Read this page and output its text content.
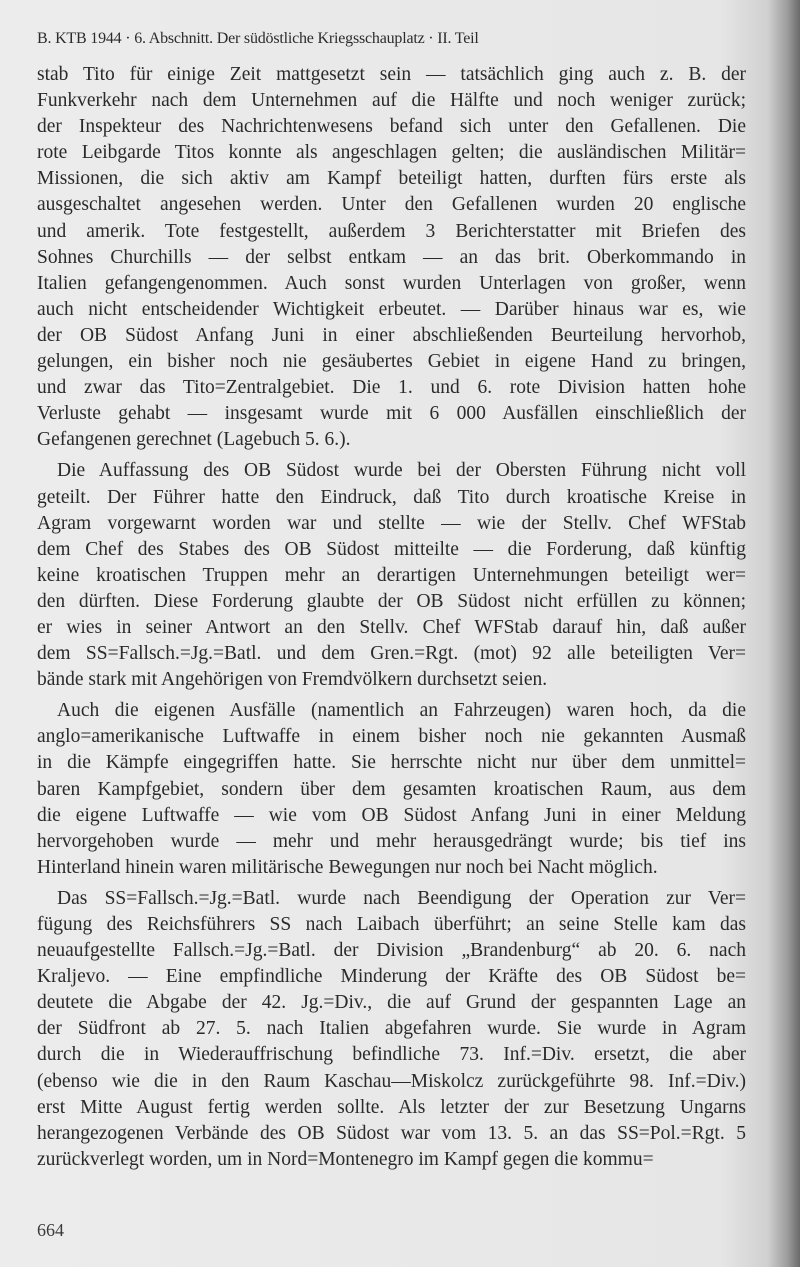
B. KTB 1944 · 6. Abschnitt. Der südöstliche Kriegsschauplatz · II. Teil
stab Tito für einige Zeit mattgesetzt sein — tatsächlich ging auch z. B. der
Funkverkehr nach dem Unternehmen auf die Hälfte und noch weniger zurück;
der Inspekteur des Nachrichtenwesens befand sich unter den Gefallenen. Die
rote Leibgarde Titos konnte als angeschlagen gelten; die ausländischen Militär=
Missionen, die sich aktiv am Kampf beteiligt hatten, durften fürs erste als
ausgeschaltet angesehen werden. Unter den Gefallenen wurden 20 englische
und amerik. Tote festgestellt, außerdem 3 Berichterstatter mit Briefen des
Sohnes Churchills — der selbst entkam — an das brit. Oberkommando in
Italien gefangengenommen. Auch sonst wurden Unterlagen von großer, wenn
auch nicht entscheidender Wichtigkeit erbeutet. — Darüber hinaus war es, wie
der OB Südost Anfang Juni in einer abschließenden Beurteilung hervorhob,
gelungen, ein bisher noch nie gesäubertes Gebiet in eigene Hand zu bringen,
und zwar das Tito=Zentralgebiet. Die 1. und 6. rote Division hatten hohe
Verluste gehabt — insgesamt wurde mit 6 000 Ausfällen einschließlich der
Gefangenen gerechnet (Lagebuch 5. 6.).
Die Auffassung des OB Südost wurde bei der Obersten Führung nicht voll
geteilt. Der Führer hatte den Eindruck, daß Tito durch kroatische Kreise in
Agram vorgewarnt worden war und stellte — wie der Stellv. Chef WFStab
dem Chef des Stabes des OB Südost mitteilte — die Forderung, daß künftig
keine kroatischen Truppen mehr an derartigen Unternehmungen beteiligt wer=
den dürften. Diese Forderung glaubte der OB Südost nicht erfüllen zu können;
er wies in seiner Antwort an den Stellv. Chef WFStab darauf hin, daß außer
dem SS=Fallsch.=Jg.=Batl. und dem Gren.=Rgt. (mot) 92 alle beteiligten Ver=
bände stark mit Angehörigen von Fremdvölkern durchsetzt seien.
Auch die eigenen Ausfälle (namentlich an Fahrzeugen) waren hoch, da die
anglo=amerikanische Luftwaffe in einem bisher noch nie gekannten Ausmaß
in die Kämpfe eingegriffen hatte. Sie herrschte nicht nur über dem unmittel=
baren Kampfgebiet, sondern über dem gesamten kroatischen Raum, aus dem
die eigene Luftwaffe — wie vom OB Südost Anfang Juni in einer Meldung
hervorgehoben wurde — mehr und mehr herausgedrängt wurde; bis tief ins
Hinterland hinein waren militärische Bewegungen nur noch bei Nacht möglich.
Das SS=Fallsch.=Jg.=Batl. wurde nach Beendigung der Operation zur Ver=
fügung des Reichsführers SS nach Laibach überführt; an seine Stelle kam das
neuaufgestellte Fallsch.=Jg.=Batl. der Division „Brandenburg“ ab 20. 6. nach
Kraljevo. — Eine empfindliche Minderung der Kräfte des OB Südost be=
deutete die Abgabe der 42. Jg.=Div., die auf Grund der gespannten Lage an
der Südfront ab 27. 5. nach Italien abgefahren wurde. Sie wurde in Agram
durch die in Wiederauffrischung befindliche 73. Inf.=Div. ersetzt, die aber
(ebenso wie die in den Raum Kaschau—Miskolcz zurückgeführte 98. Inf.=Div.)
erst Mitte August fertig werden sollte. Als letzter der zur Besetzung Ungarns
herangezogenen Verbände des OB Südost war vom 13. 5. an das SS=Pol.=Rgt. 5
zurückverlegt worden, um in Nord=Montenegro im Kampf gegen die kommu=
664
